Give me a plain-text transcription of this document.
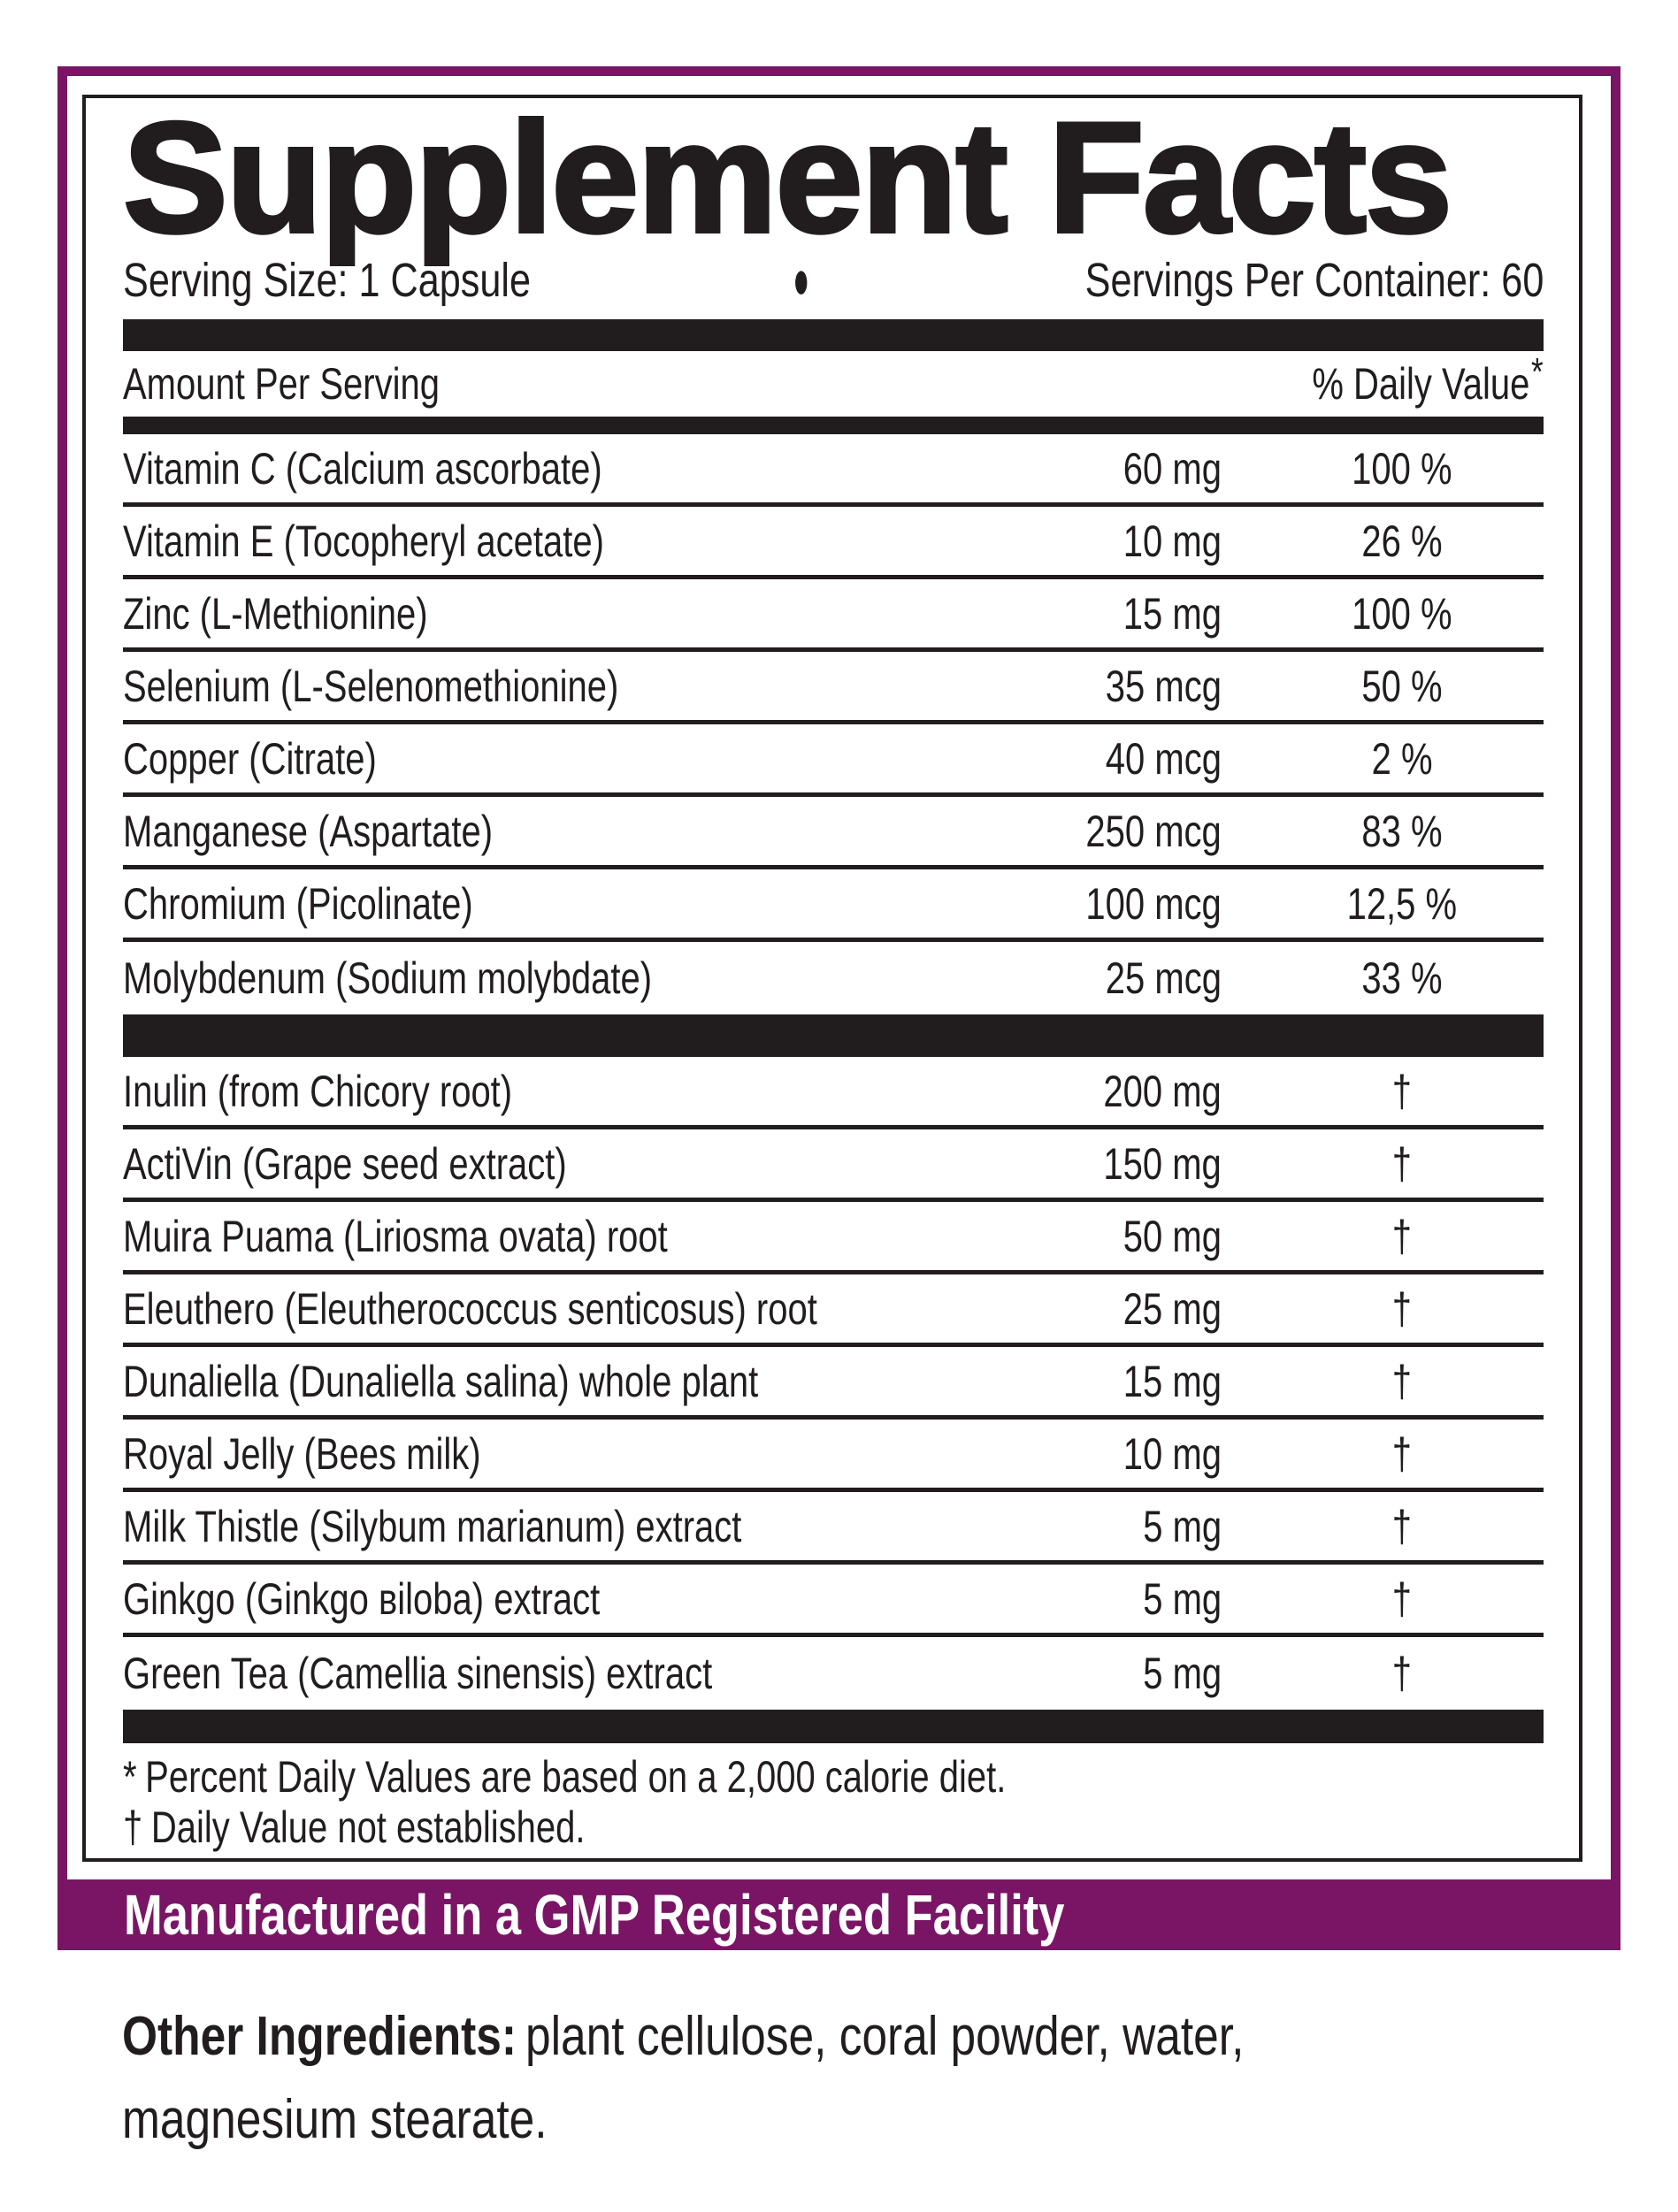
Supplement Facts
Serving Size: 1 Capsule	●	Servings Per Container: 60
Amount Per Serving	% Daily Value*
Vitamin C (Calcium ascorbate)	60 mg	100 %
Vitamin E (Tocopheryl acetate)	10 mg	26 %
Zinc (L-Methionine)	15 mg	100 %
Selenium (L-Selenomethionine)	35 mcg	50 %
Copper (Citrate)	40 mcg	2 %
Manganese (Aspartate)	250 mcg	83 %
Chromium (Picolinate)	100 mcg	12,5 %
Molybdenum (Sodium molybdate)	25 mcg	33 %
Inulin (from Chicory root)	200 mg	†
ActiVin (Grape seed extract)	150 mg	†
Muira Puama (Liriosma ovata) root	50 mg	†
Eleuthero (Eleutherococcus senticosus) root	25 mg	†
Dunaliella (Dunaliella salina) whole plant	15 mg	†
Royal Jelly (Bees milk)	10 mg	†
Milk Thistle (Silybum marianum) extract	5 mg	†
Ginkgo (Ginkgo вiloba) extract	5 mg	†
Green Tea (Camellia sinensis) extract	5 mg	†
* Percent Daily Values are based on a 2,000 calorie diet.
† Daily Value not established.
Manufactured in a GMP Registered Facility

Other Ingredients: plant cellulose, coral powder, water, magnesium stearate.
